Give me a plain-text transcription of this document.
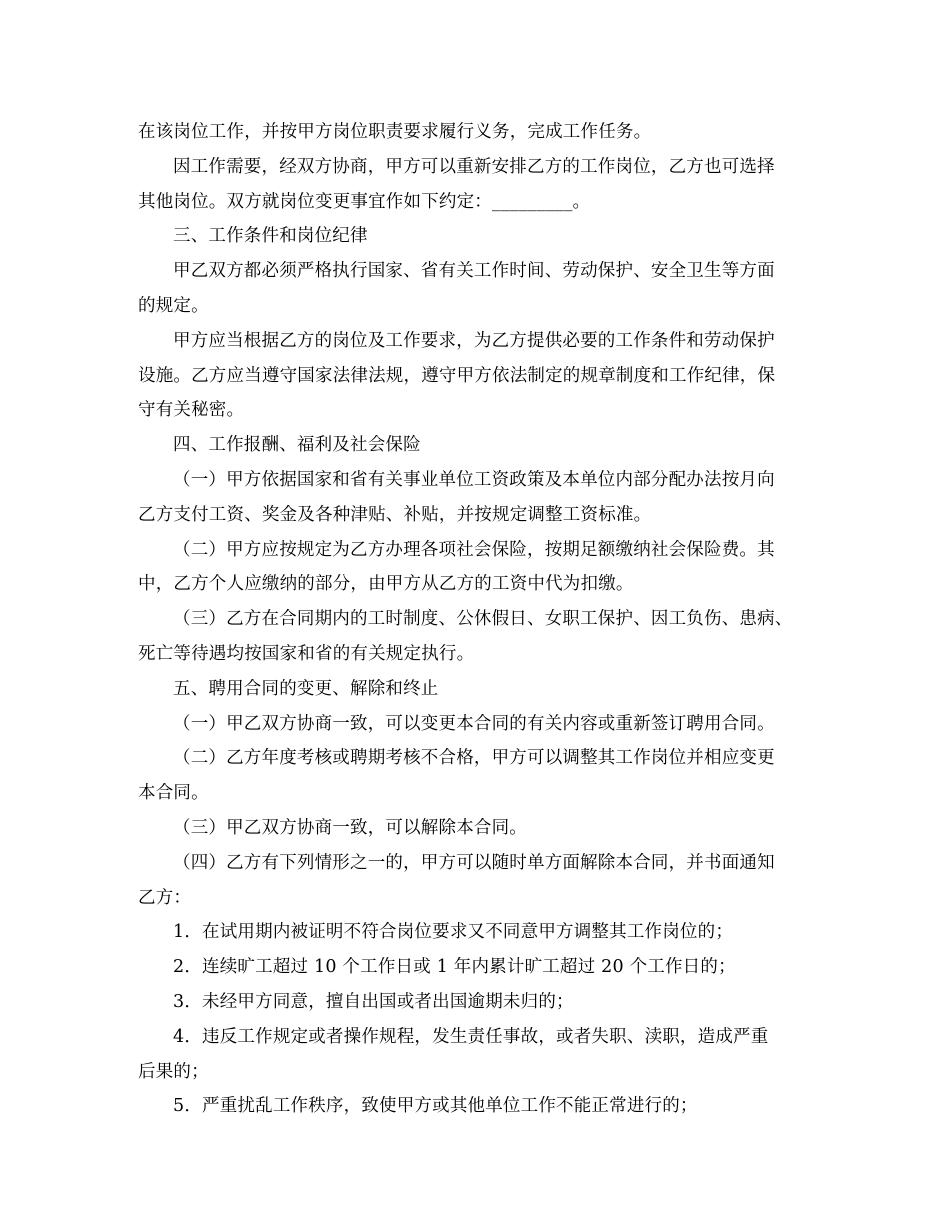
在该岗位工作，并按甲方岗位职责要求履行义务，完成工作任务。

因工作需要，经双方协商，甲方可以重新安排乙方的工作岗位，乙方也可选择

其他岗位。双方就岗位变更事宜作如下约定：_________。

三、工作条件和岗位纪律

甲乙双方都必须严格执行国家、省有关工作时间、劳动保护、安全卫生等方面

的规定。

甲方应当根据乙方的岗位及工作要求，为乙方提供必要的工作条件和劳动保护

设施。乙方应当遵守国家法律法规，遵守甲方依法制定的规章制度和工作纪律，保

守有关秘密。

四、工作报酬、福利及社会保险

（一）甲方依据国家和省有关事业单位工资政策及本单位内部分配办法按月向

乙方支付工资、奖金及各种津贴、补贴，并按规定调整工资标准。

（二）甲方应按规定为乙方办理各项社会保险，按期足额缴纳社会保险费。其

中，乙方个人应缴纳的部分，由甲方从乙方的工资中代为扣缴。

（三）乙方在合同期内的工时制度、公休假日、女职工保护、因工负伤、患病、

死亡等待遇均按国家和省的有关规定执行。

五、聘用合同的变更、解除和终止

（一）甲乙双方协商一致，可以变更本合同的有关内容或重新签订聘用合同。

（二）乙方年度考核或聘期考核不合格，甲方可以调整其工作岗位并相应变更

本合同。

（三）甲乙双方协商一致，可以解除本合同。

（四）乙方有下列情形之一的，甲方可以随时单方面解除本合同，并书面通知

乙方：

1．在试用期内被证明不符合岗位要求又不同意甲方调整其工作岗位的；

2．连续旷工超过 10 个工作日或 1 年内累计旷工超过 20 个工作日的；

3．未经甲方同意，擅自出国或者出国逾期未归的；

4．违反工作规定或者操作规程，发生责任事故，或者失职、渎职，造成严重

后果的；

5．严重扰乱工作秩序，致使甲方或其他单位工作不能正常进行的；
